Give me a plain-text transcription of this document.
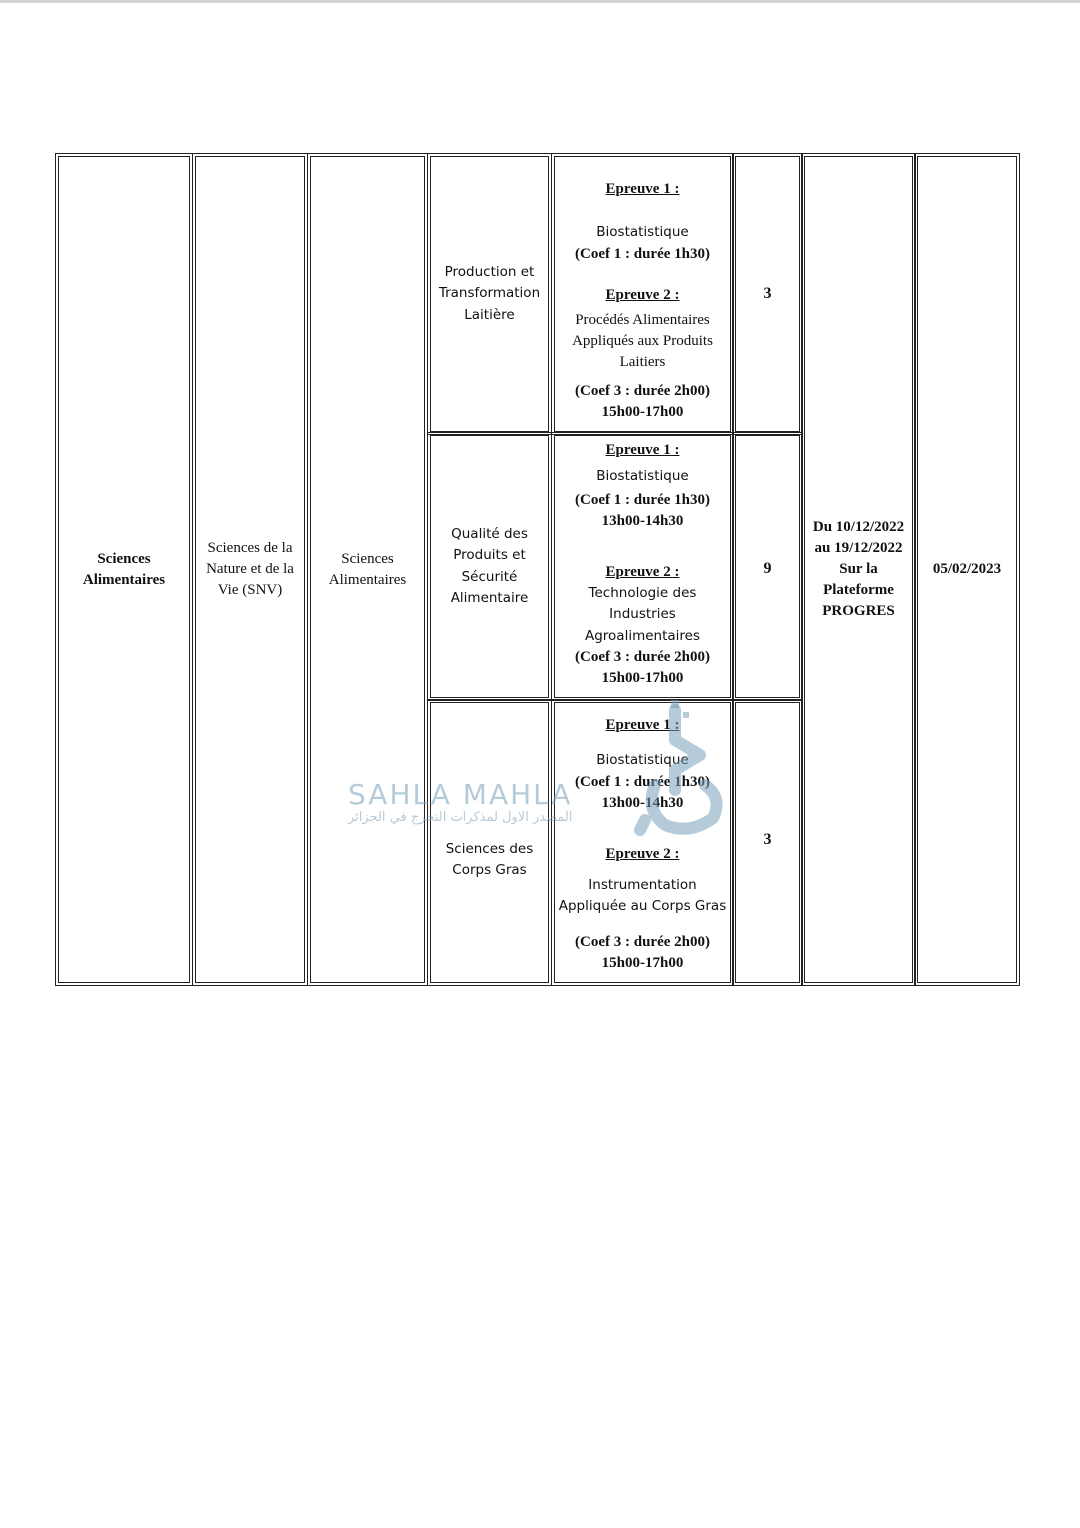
Sciences Alimentaires
Sciences de la Nature et de la Vie (SNV)
Sciences Alimentaires
Production et Transformation Laitière
Qualité des Produits et Sécurité Alimentaire
Sciences des Corps Gras
Epreuve 1 :
Biostatistique
(Coef 1 : durée 1h30)
Epreuve 2 :
Procédés Alimentaires Appliqués aux Produits Laitiers
(Coef 3 : durée 2h00)
15h00-17h00
Epreuve 1 :
Biostatistique
(Coef 1 : durée 1h30)
13h00-14h30
Epreuve 2 :
Technologie des Industries Agroalimentaires
(Coef 3 : durée 2h00)
15h00-17h00
Epreuve 1 :
Biostatistique
(Coef 1 : durée 1h30)
13h00-14h30
Epreuve 2 :
Instrumentation Appliquée au Corps Gras
(Coef 3 : durée 2h00)
15h00-17h00
3
9
3
Du 10/12/2022 au 19/12/2022 Sur la Plateforme PROGRES
05/02/2023
SAHLA MAHLA
المصدر الاول لمذكرات التخرج في الجزائر
